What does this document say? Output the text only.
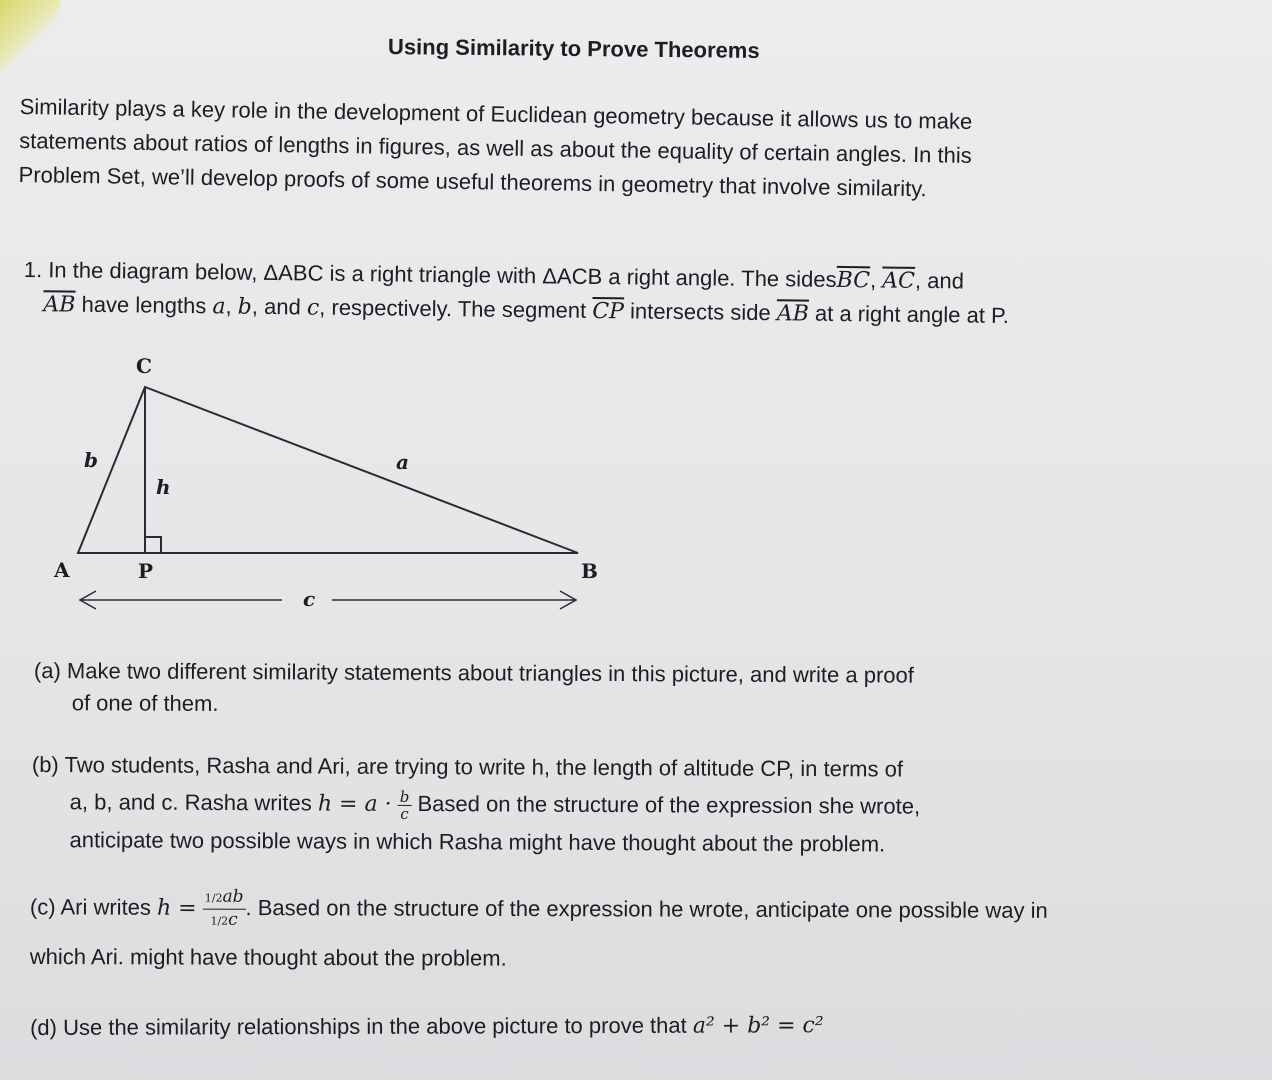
Using Similarity to Prove Theorems
Similarity plays a key role in the development of Euclidean geometry because it allows us to make statements about ratios of lengths in figures, as well as about the equality of certain angles. In this Problem Set, we’ll develop proofs of some useful theorems in geometry that involve similarity.
1. In the diagram below, ΔABC is a right triangle with ΔACB a right angle. The $sides\overline{BC}$, $\overline{AC}$, and
$\overline{AB}$ have lengths a, b, and c, respectively. The segment $\overline{CP}$ intersects side $\overline{AB}$ at a right angle at P.
C
A	P	B
b
h
a
c
(a) Make two different similarity statements about triangles in this picture, and write a proof
of one of them.
(b) Two students, Rasha and Ari, are trying to write h, the length of altitude CP, in terms of
a, b, and c. Rasha writes $h = a \cdot \frac{b}{c}$ Based on the structure of the expression she wrote,
anticipate two possible ways in which Rasha might have thought about the problem.
(c) Ari writes $h = \frac{1/2ab}{1/2c}$ . Based on the structure of the expression he wrote, anticipate one possible way in
which Ari. might have thought about the problem.
(d) Use the similarity relationships in the above picture to prove that a² + b² = c²
